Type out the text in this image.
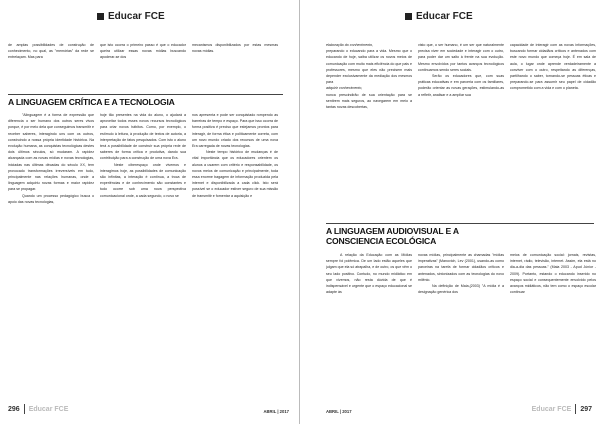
Educar FCE

de amplas possibilidades de construção de conhecimento, no qual, as "memórias" da rede se entrelaçam. Mas para

que isto ocorra o primeiro passo é que o educador queira utilizar essas novas mídias buscando apoderar-se dos

mecanismos disponibilizados por estas mesmas novas mídias.

A LINGUAGEM CRÍTICA E A TECNOLOGIA

"Alinguagem é a forma de expressão que diferencia o ser humano dos outros seres vivos porque, é por meio dela que conseguimos transmitir e receber saberes, interagindo uns com os outros, construindo a nossa própria identidade histórica. Na evolução humana, as conquistas tecnológicas destes dois últimos séculos, só mudaram. A rapidez alcançada com as novas mídias e novas tecnologias, iniciadas nas últimas décadas do século XX, tem provocado transformações irreversíveis em tudo, principalmente nas relações humanas, onde a linguagem adquiriu novas formas e maior rapidez para se propagar.

Quando um processo pedagógico busca o apoio das novas tecnologias,

hoje tão presentes na vida do aluno, o ajudará a aproveitar todos esses novos recursos tecnológicos para criar novos hábitos. Como, por exemplo, o estímulo à leitura, à produção de textos de autoria, a interpretação de fatos pesquisados. Com isto o aluno terá a possibilidade de construir sua própria rede de saberes de forma crítica e produtiva, dando sua contribuição para a construção de uma nova Era.

Neste ciberespaço onde vivemos e interagimos hoje, as possibilidades de comunicação são infinitas, a interação é contínua, a troca de experiências e de conhecimento são constantes e tudo ocorre sob uma nova perspectiva comunicacional onde, a cada segundo, o novo se

nos apresenta e pode ser conquistado rompendo as barreiras de tempo e espaço. Para que isso ocorra de forma positiva é preciso que estejamos prontos para interagir, de forma ética e politicamente correta, com um novo mundo criado dos recursos de uma nova Era carregada de novas tecnologias.

Neste tempo histórico de mudanças é de vital importância que os educadores orientem os alunos a usarem com critério e responsabilidade, os novos meios de comunicação e principalmente, toda essa enorme bagagem de informação produzida pela internet e disponibilizada a cada click. Isto será possível se o educador estiver seguro de sua missão de transmitir e fomentar a aquisição e

296 Educar FCE	ABRIL | 2017
Educar FCE

elaboração do conhecimento,

preparando o educando para a vida. Mesmo que o educando de hoje, saiba utilizar os novos meios de comunicação com muito mais eficiência do que pais e professores, mesmo que eles não precisem mais depender exclusivamente da mediação dos mesmos para

adquirir conhecimento,

nunca prescindirão de sua orientação para se sentirem mais seguros, ao navegarem em meio a tantas novas descobertas,

visto que, o ser humano, é um ser que naturalmente precisa viver em sociedade e interagir com o outro, para poder dar um salto à frente na sua evolução. Mesmo envolvidos por tantos avanços tecnológicos continuamos sendo seres sociais.

Serão os educadores que, com suas práticas educativas e em parceria com os familiares, poderão orientar as novas gerações, estimulando-as a refletir, analisar e a ampliar sua

capacidade de interagir com as novas informações, buscando formar cidadãos críticos e antenados com este novo mundo que começa hoje. É em sala de aula, o lugar onde aprende verdadeiramente a conviver com o outro, respeitando as diferenças, partilhando o saber, tornando-se pessoas éticas e preparando-se para assumir seu papel de cidadão comprometido com a vida e com o planeta.

A LINGUAGEM AUDIOVISUAL E A
CONSCIENCIA ECOLÓGICA

A relação da Educação com as Mídias sempre foi polêmica. De um lado estão aqueles que julgam que ela só atrapalha, e de outro, os que vêm o seu lado positivo. Contudo, no mundo midiático em que vivemos, não resta dúvida de que é indispensável e urgente que o espaço educacional se adapte às

novas mídias, principalmente as chamadas "mídias imperativas" (Manovich, Lev (2001), usando-as como parceiras na tarefa de formar cidadãos críticos e antenados, sintonizados com as tecnologias do novo milênio.

Na definição de Maia,(2003) "A mídia é a designação genérica dos

meios de comunicação social: jornais, revistas, internet, rádio, televisão, internet. Assim, ela está no dia-a-dia das pessoas." (Maia 2003 - Apud Júnior - 2009). Portanto, estando o educando inserido no espaço social e consequentemente envolvido pelos avanços midiáticos, não tem como o espaço escolar continuar

ABRIL | 2017	Educar FCE 297
